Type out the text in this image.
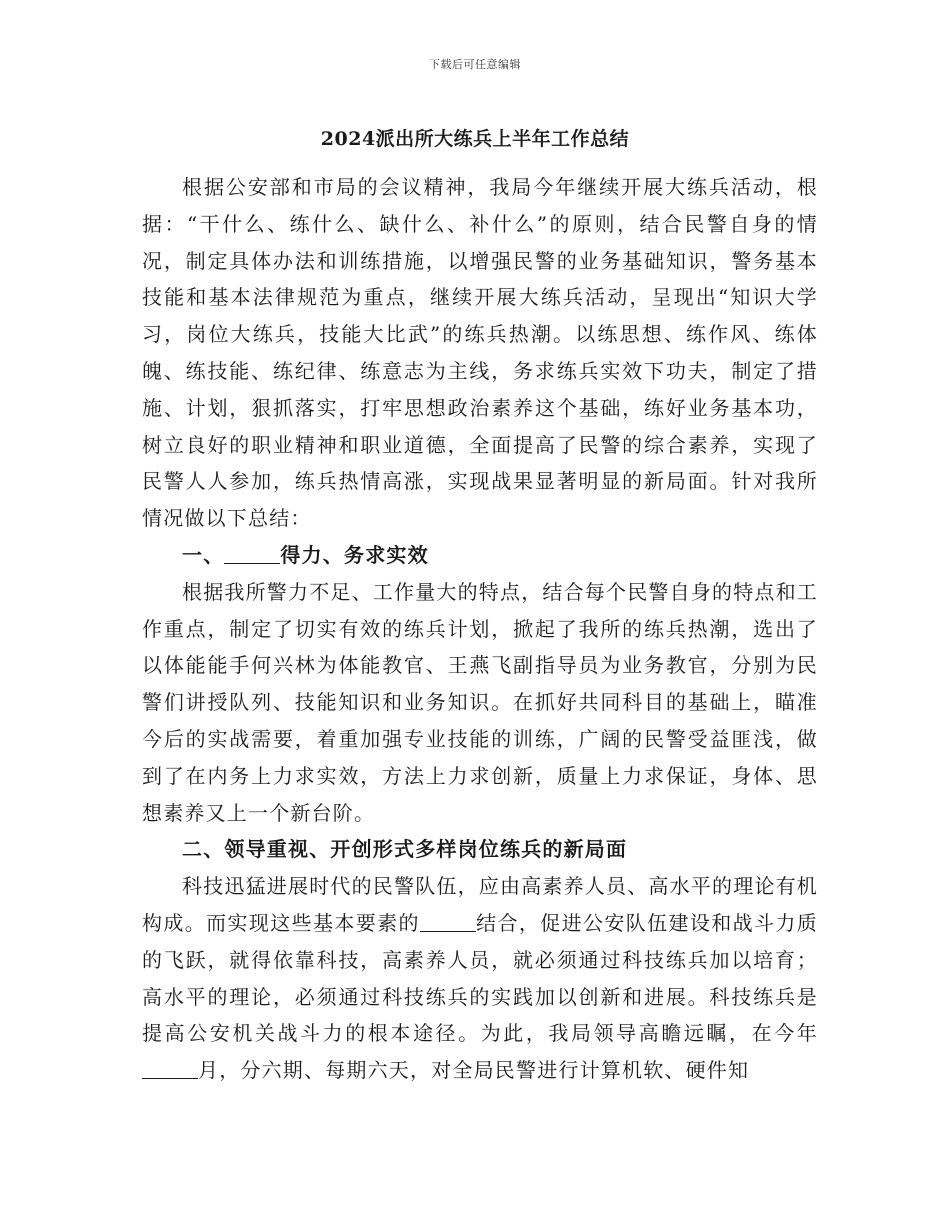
下载后可任意编辑
2024派出所大练兵上半年工作总结

根据公安部和市局的会议精神，我局今年继续开展大练兵活动，根据：“干什么、练什么、缺什么、补什么”的原则，结合民警自身的情况，制定具体办法和训练措施，以增强民警的业务基础知识，警务基本技能和基本法律规范为重点，继续开展大练兵活动，呈现出“知识大学习，岗位大练兵，技能大比武”的练兵热潮。以练思想、练作风、练体魄、练技能、练纪律、练意志为主线，务求练兵实效下功夫，制定了措施、计划，狠抓落实，打牢思想政治素养这个基础，练好业务基本功，树立良好的职业精神和职业道德，全面提高了民警的综合素养，实现了民警人人参加，练兵热情高涨，实现战果显著明显的新局面。针对我所情况做以下总结：

一、	得力、务求实效

根据我所警力不足、工作量大的特点，结合每个民警自身的特点和工作重点，制定了切实有效的练兵计划，掀起了我所的练兵热潮，选出了以体能能手何兴林为体能教官、王燕飞副指导员为业务教官，分别为民警们讲授队列、技能知识和业务知识。在抓好共同科目的基础上，瞄准今后的实战需要，着重加强专业技能的训练，广阔的民警受益匪浅，做到了在内务上力求实效，方法上力求创新，质量上力求保证，身体、思想素养又上一个新台阶。

二、领导重视、开创形式多样岗位练兵的新局面

科技迅猛进展时代的民警队伍，应由高素养人员、高水平的理论有机构成。而实现这些基本要素的	结合，促进公安队伍建设和战斗力质的飞跃，就得依靠科技，高素养人员，就必须通过科技练兵加以培育；高水平的理论，必须通过科技练兵的实践加以创新和进展。科技练兵是提高公安机关战斗力的根本途径。为此，我局领导高瞻远瞩，在今年月，分六期、每期六天，对全局民警进行计算机软、硬件知
